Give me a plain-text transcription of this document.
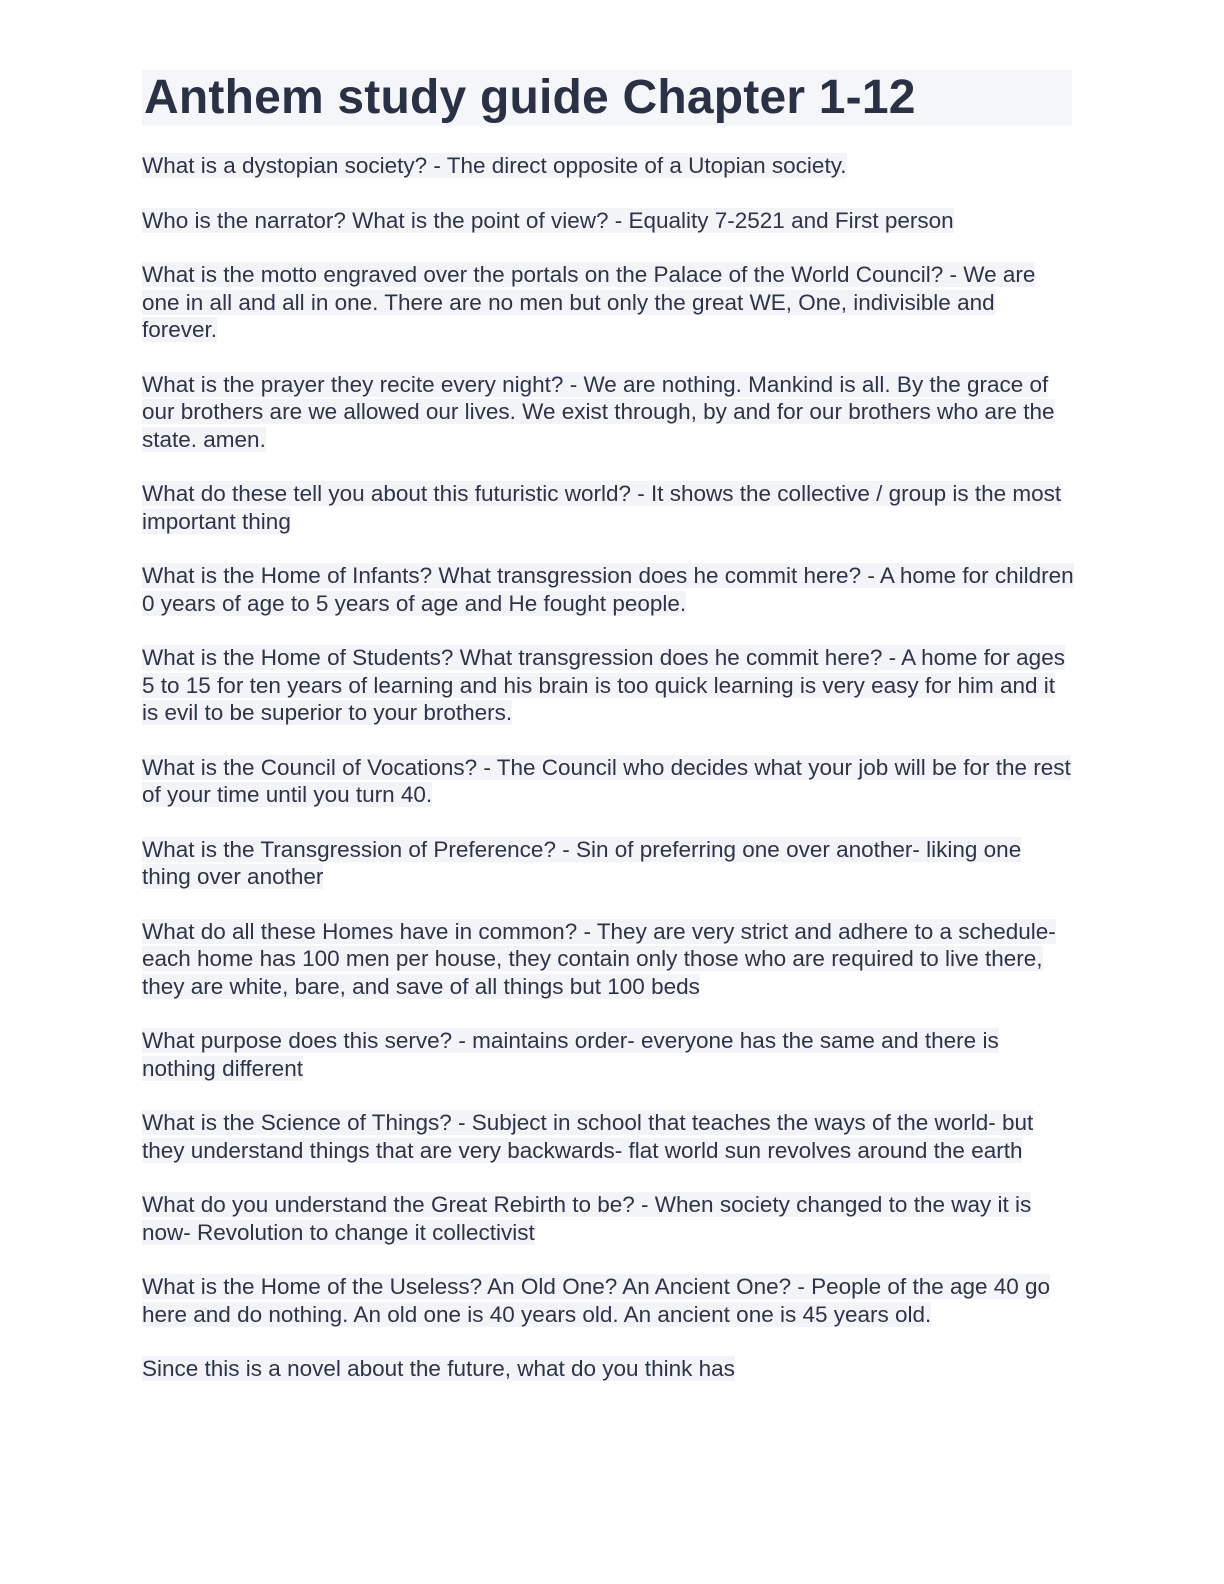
Anthem study guide Chapter 1-12

What is a dystopian society? - The direct opposite of a Utopian society.

Who is the narrator? What is the point of view? - Equality 7-2521 and First person

What is the motto engraved over the portals on the Palace of the World Council? - We are one in all and all in one. There are no men but only the great WE, One, indivisible and forever.

What is the prayer they recite every night? - We are nothing. Mankind is all. By the grace of our brothers are we allowed our lives. We exist through, by and for our brothers who are the state. amen.

What do these tell you about this futuristic world? - It shows the collective / group is the most important thing

What is the Home of Infants? What transgression does he commit here? - A home for children 0 years of age to 5 years of age and He fought people.

What is the Home of Students? What transgression does he commit here? - A home for ages 5 to 15 for ten years of learning and his brain is too quick learning is very easy for him and it is evil to be superior to your brothers.

What is the Council of Vocations? - The Council who decides what your job will be for the rest of your time until you turn 40.

What is the Transgression of Preference? - Sin of preferring one over another- liking one thing over another

What do all these Homes have in common? - They are very strict and adhere to a schedule- each home has 100 men per house, they contain only those who are required to live there, they are white, bare, and save of all things but 100 beds

What purpose does this serve? - maintains order- everyone has the same and there is nothing different

What is the Science of Things? - Subject in school that teaches the ways of the world- but they understand things that are very backwards- flat world sun revolves around the earth

What do you understand the Great Rebirth to be? - When society changed to the way it is now- Revolution to change it collectivist

What is the Home of the Useless? An Old One? An Ancient One? - People of the age 40 go here and do nothing. An old one is 40 years old. An ancient one is 45 years old.

Since this is a novel about the future, what do you think has
